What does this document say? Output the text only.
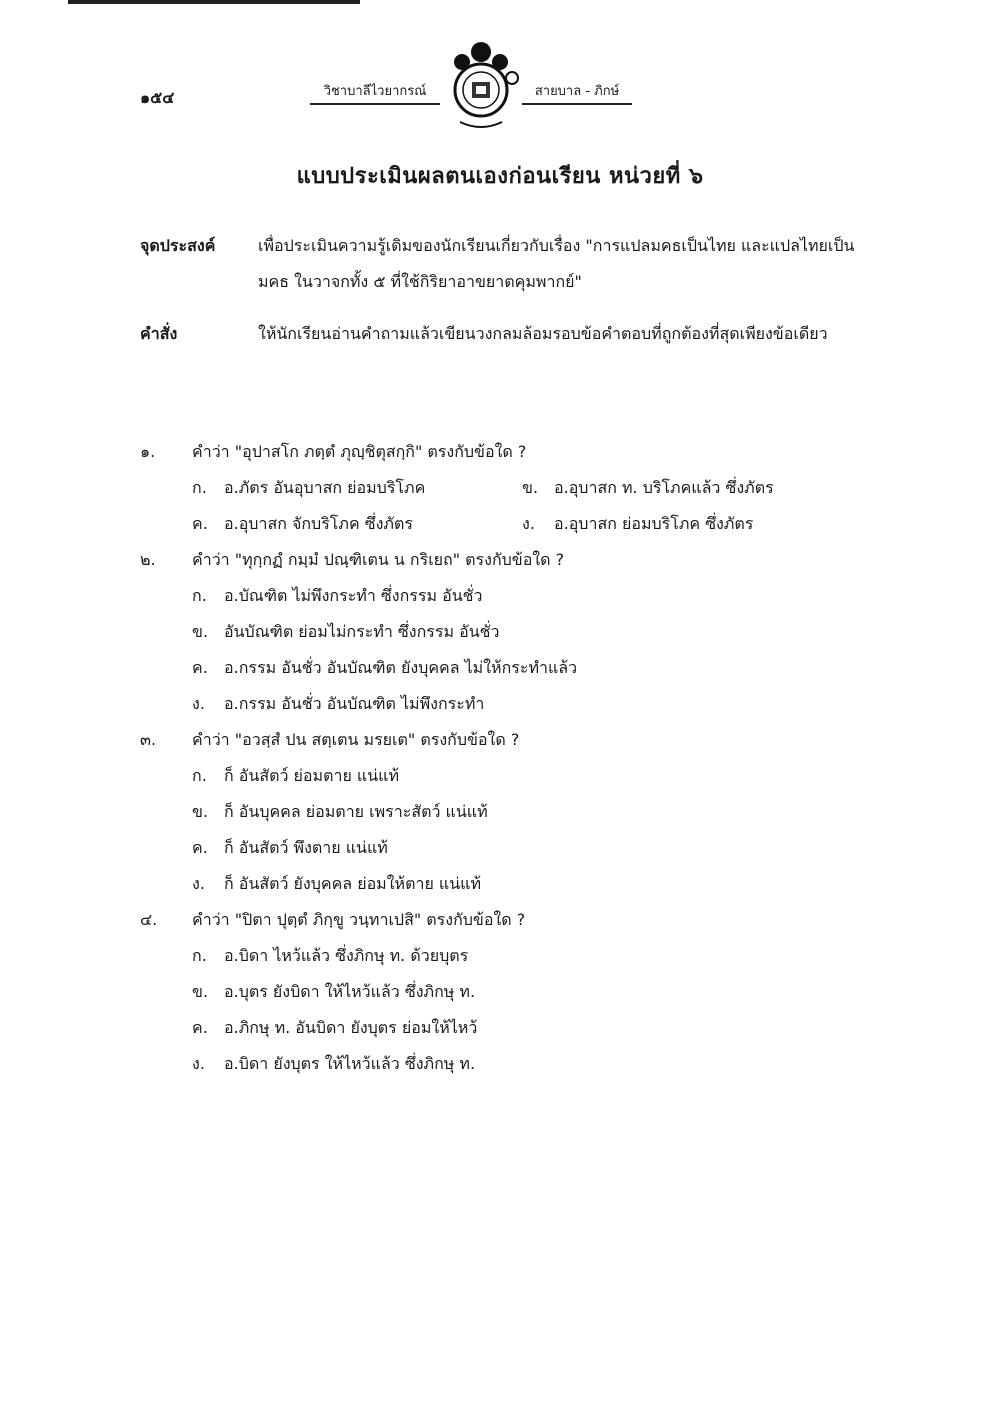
๑๕๔	วิชาบาลีไวยากรณ์	สายบาล - ภิกษ์
แบบประเมินผลตนเองก่อนเรียน หน่วยที่ ๖
จุดประสงค์	เพื่อประเมินความรู้เดิมของนักเรียนเกี่ยวกับเรื่อง "การแปลมคธเป็นไทย และแปลไทยเป็นมคธ ในวาจกทั้ง ๕ ที่ใช้กิริยาอาขยาตคุมพากย์"
คำสั่ง	ให้นักเรียนอ่านคำถามแล้วเขียนวงกลมล้อมรอบข้อคำตอบที่ถูกต้องที่สุดเพียงข้อเดียว
๑.	คำว่า "อุปาสโก ภตฺตํ ภุญฺชิตุสกฺกิ" ตรงกับข้อใด ?
ก. อ.ภัตร อันอุบาสก ย่อมบริโภค	ข. อ.อุบาสก ท. บริโภคแล้ว ซึ่งภัตร
ค. อ.อุบาสก จักบริโภค ซึ่งภัตร	ง. อ.อุบาสก ย่อมบริโภค ซึ่งภัตร
๒.	คำว่า "ทุกฺกฏํ กมฺมํ ปณฺฑิเตน น กริเยถ" ตรงกับข้อใด ?
ก. อ.บัณฑิต ไม่พึงกระทำ ซึ่งกรรม อันชั่ว
ข. อันบัณฑิต ย่อมไม่กระทำ ซึ่งกรรม อันชั่ว
ค. อ.กรรม อันชั่ว อันบัณฑิต ยังบุคคล ไม่ให้กระทำแล้ว
ง. อ.กรรม อันชั่ว อันบัณฑิต ไม่พึงกระทำ
๓.	คำว่า "อวสฺสํ ปน สตฺเตน มรยเต" ตรงกับข้อใด ?
ก. ก็ อันสัตว์ ย่อมตาย แน่แท้
ข. ก็ อันบุคคล ย่อมตาย เพราะสัตว์ แน่แท้
ค. ก็ อันสัตว์ พึงตาย แน่แท้
ง. ก็ อันสัตว์ ยังบุคคล ย่อมให้ตาย แน่แท้
๔.	คำว่า "ปิตา ปุตฺตํ ภิกฺขู วนฺทาเปสิ" ตรงกับข้อใด ?
ก. อ.บิดา ไหว้แล้ว ซึ่งภิกษุ ท. ด้วยบุตร
ข. อ.บุตร ยังบิดา ให้ไหว้แล้ว ซึ่งภิกษุ ท.
ค. อ.ภิกษุ ท. อันบิดา ยังบุตร ย่อมให้ไหว้
ง. อ.บิดา ยังบุตร ให้ไหว้แล้ว ซึ่งภิกษุ ท.
